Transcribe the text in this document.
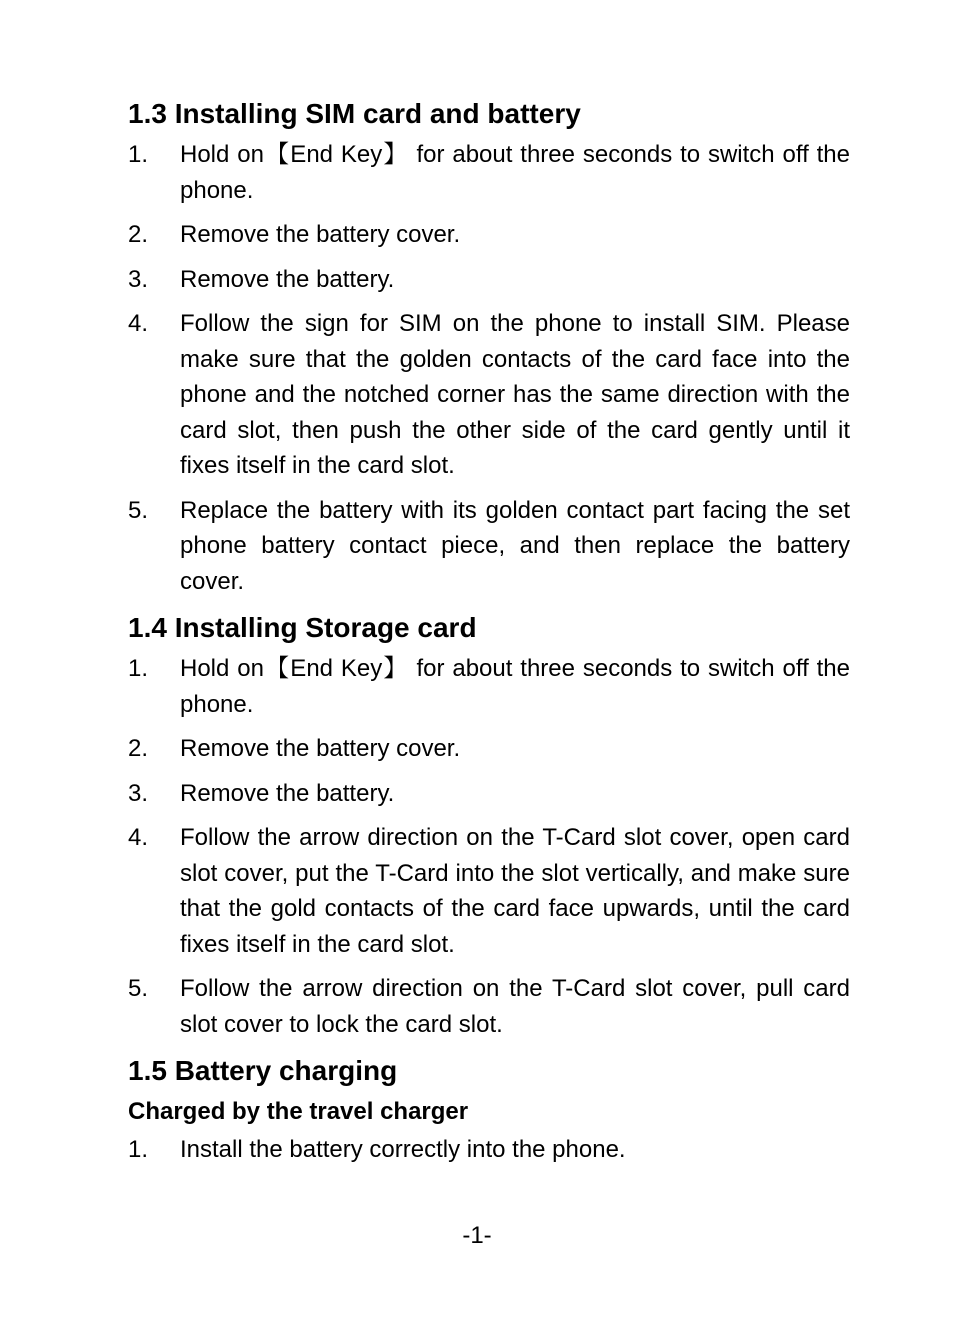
1.3 Installing SIM card and battery
1.	Hold on【End Key】 for about three seconds to switch off the phone.
2.	Remove the battery cover.
3.	Remove the battery.
4.	Follow the sign for SIM on the phone to install SIM. Please make sure that the golden contacts of the card face into the phone and the notched corner has the same direction with the card slot, then push the other side of the card gently until it fixes itself in the card slot.
5.	Replace the battery with its golden contact part facing the set phone battery contact piece, and then replace the battery cover.
1.4 Installing Storage card
1.	Hold on【End Key】 for about three seconds to switch off the phone.
2.	Remove the battery cover.
3.	Remove the battery.
4.	Follow the arrow direction on the T-Card slot cover, open card slot cover, put the T-Card into the slot vertically, and make sure that the gold contacts of the card face upwards, until the card fixes itself in the card slot.
5.	Follow the arrow direction on the T-Card slot cover, pull card slot cover to lock the card slot.
1.5 Battery charging
Charged by the travel charger
1.	Install the battery correctly into the phone.
-1-
